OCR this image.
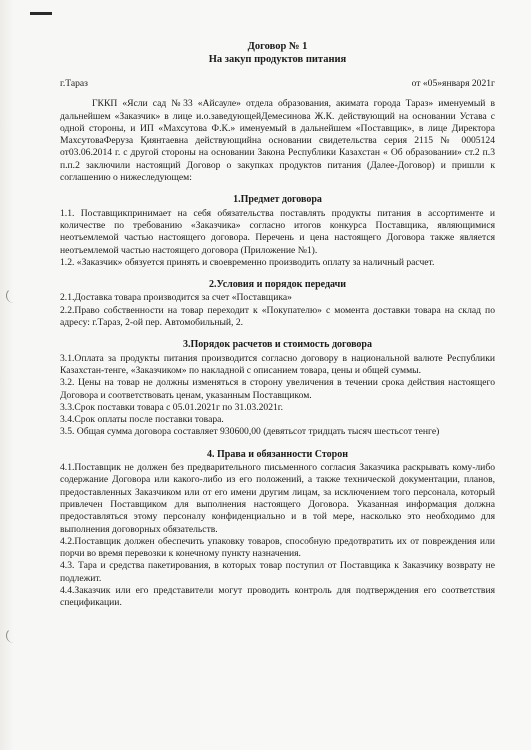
Договор № 1
На закуп продуктов питания
г.Тараз	от «05»января 2021г

ГККП «Ясли сад №33 «Айсауле» отдела образования, акимата города Тараз» именуемый в дальнейшем «Заказчик» в лице и.о.заведующейДемесинова Ж.К. действующий на основании Устава с одной стороны, и ИП «Махсутова Ф.К.» именуемый в дальнейшем «Поставщик», в лице Директора МахсутоваФеруза Қиянтаевна действующийна основании свидетельства серия 2115 № 0005124 от03.06.2014 г. с другой стороны на основании Закона Республики Казахстан « Об образовании» ст.2 п.3 п.п.2 заключили настоящий Договор о закупках продуктов питания (Далее-Договор) и пришли к соглашению о нижеследующем:

1.Предмет договора

1.1. Поставщикпринимает на себя обязательства поставлять продукты питания в ассортименте и количестве по требованию «Заказчика» согласно итогов конкурса Поставщика, являющимися неотъемлемой частью настоящего договора. Перечень и цена настоящего Договора также является неотъемлемой частью настоящего договора (Приложение №1).

1.2. «Заказчик» обязуется принять и своевременно производить оплату за наличный расчет.

2.Условия и порядок передачи

2.1.Доставка товара производится за счет «Поставщика»

2.2.Право собственности на товар переходит к «Покупателю» с момента доставки товара на склад по адресу: г.Тараз, 2-ой пер. Автомобильный, 2.

3.Порядок расчетов и стоимость договора

3.1.Оплата за продукты питания производится согласно договору в национальной валюте Республики Казахстан-тенге, «Заказчиком» по накладной с описанием товара, цены и общей суммы.

3.2. Цены на товар не должны изменяться в сторону увеличения в течении срока действия настоящего Договора и соответствовать ценам, указанным Поставщиком.

3.3.Срок поставки товара с 05.01.2021г по 31.03.2021г.

3.4.Срок оплаты после поставки товара.

3.5. Общая сумма договора составляет 930600,00 (девятьсот тридцать тысяч шестьсот тенге)

4. Права и обязанности Сторон

4.1.Поставщик не должен без предварительного письменного согласия Заказчика раскрывать кому-либо содержание Договора или какого-либо из его положений, а также технической документации, планов, предоставленных Заказчиком или от его имени другим лицам, за исключением того персонала, который привлечен Поставщиком для выполнения настоящего Договора. Указанная информация должна предоставляться этому персоналу конфиденциально и в той мере, насколько это необходимо для выполнения договорных обязательств.

4.2.Поставщик должен обеспечить упаковку товаров, способную предотвратить их от повреждения или порчи во время перевозки к конечному пункту назначения.

4.3. Тара и средства пакетирования, в которых товар поступил от Поставщика к Заказчику возврату не подлежит.

4.4.Заказчик или его представители могут проводить контроль для подтверждения его соответствия спецификации.
